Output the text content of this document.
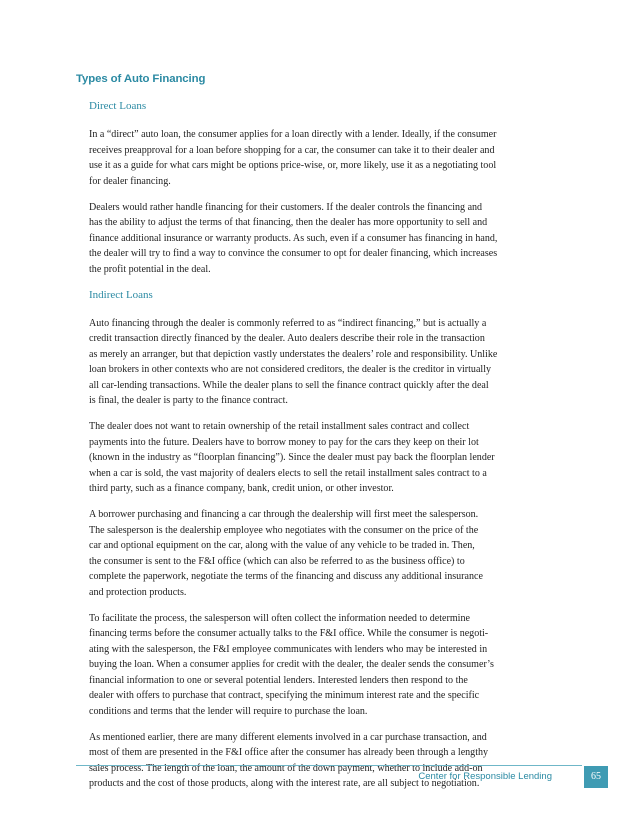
Types of Auto Financing
Direct Loans
In a “direct” auto loan, the consumer applies for a loan directly with a lender. Ideally, if the consumer
receives preapproval for a loan before shopping for a car, the consumer can take it to their dealer and
use it as a guide for what cars might be options price-wise, or, more likely, use it as a negotiating tool
for dealer financing.
Dealers would rather handle financing for their customers. If the dealer controls the financing and
has the ability to adjust the terms of that financing, then the dealer has more opportunity to sell and
finance additional insurance or warranty products. As such, even if a consumer has financing in hand,
the dealer will try to find a way to convince the consumer to opt for dealer financing, which increases
the profit potential in the deal.
Indirect Loans
Auto financing through the dealer is commonly referred to as “indirect financing,” but is actually a
credit transaction directly financed by the dealer. Auto dealers describe their role in the transaction
as merely an arranger, but that depiction vastly understates the dealers’ role and responsibility. Unlike
loan brokers in other contexts who are not considered creditors, the dealer is the creditor in virtually
all car-lending transactions. While the dealer plans to sell the finance contract quickly after the deal
is final, the dealer is party to the finance contract.
The dealer does not want to retain ownership of the retail installment sales contract and collect
payments into the future. Dealers have to borrow money to pay for the cars they keep on their lot
(known in the industry as “floorplan financing”). Since the dealer must pay back the floorplan lender
when a car is sold, the vast majority of dealers elects to sell the retail installment sales contract to a
third party, such as a finance company, bank, credit union, or other investor.
A borrower purchasing and financing a car through the dealership will first meet the salesperson.
The salesperson is the dealership employee who negotiates with the consumer on the price of the
car and optional equipment on the car, along with the value of any vehicle to be traded in. Then,
the consumer is sent to the F&I office (which can also be referred to as the business office) to
complete the paperwork, negotiate the terms of the financing and discuss any additional insurance
and protection products.
To facilitate the process, the salesperson will often collect the information needed to determine
financing terms before the consumer actually talks to the F&I office. While the consumer is negoti-
ating with the salesperson, the F&I employee communicates with lenders who may be interested in
buying the loan. When a consumer applies for credit with the dealer, the dealer sends the consumer’s
financial information to one or several potential lenders. Interested lenders then respond to the
dealer with offers to purchase that contract, specifying the minimum interest rate and the specific
conditions and terms that the lender will require to purchase the loan.
As mentioned earlier, there are many different elements involved in a car purchase transaction, and
most of them are presented in the F&I office after the consumer has already been through a lengthy
sales process. The length of the loan, the amount of the down payment, whether to include add-on
products and the cost of those products, along with the interest rate, are all subject to negotiation.
Center for Responsible Lending	65
